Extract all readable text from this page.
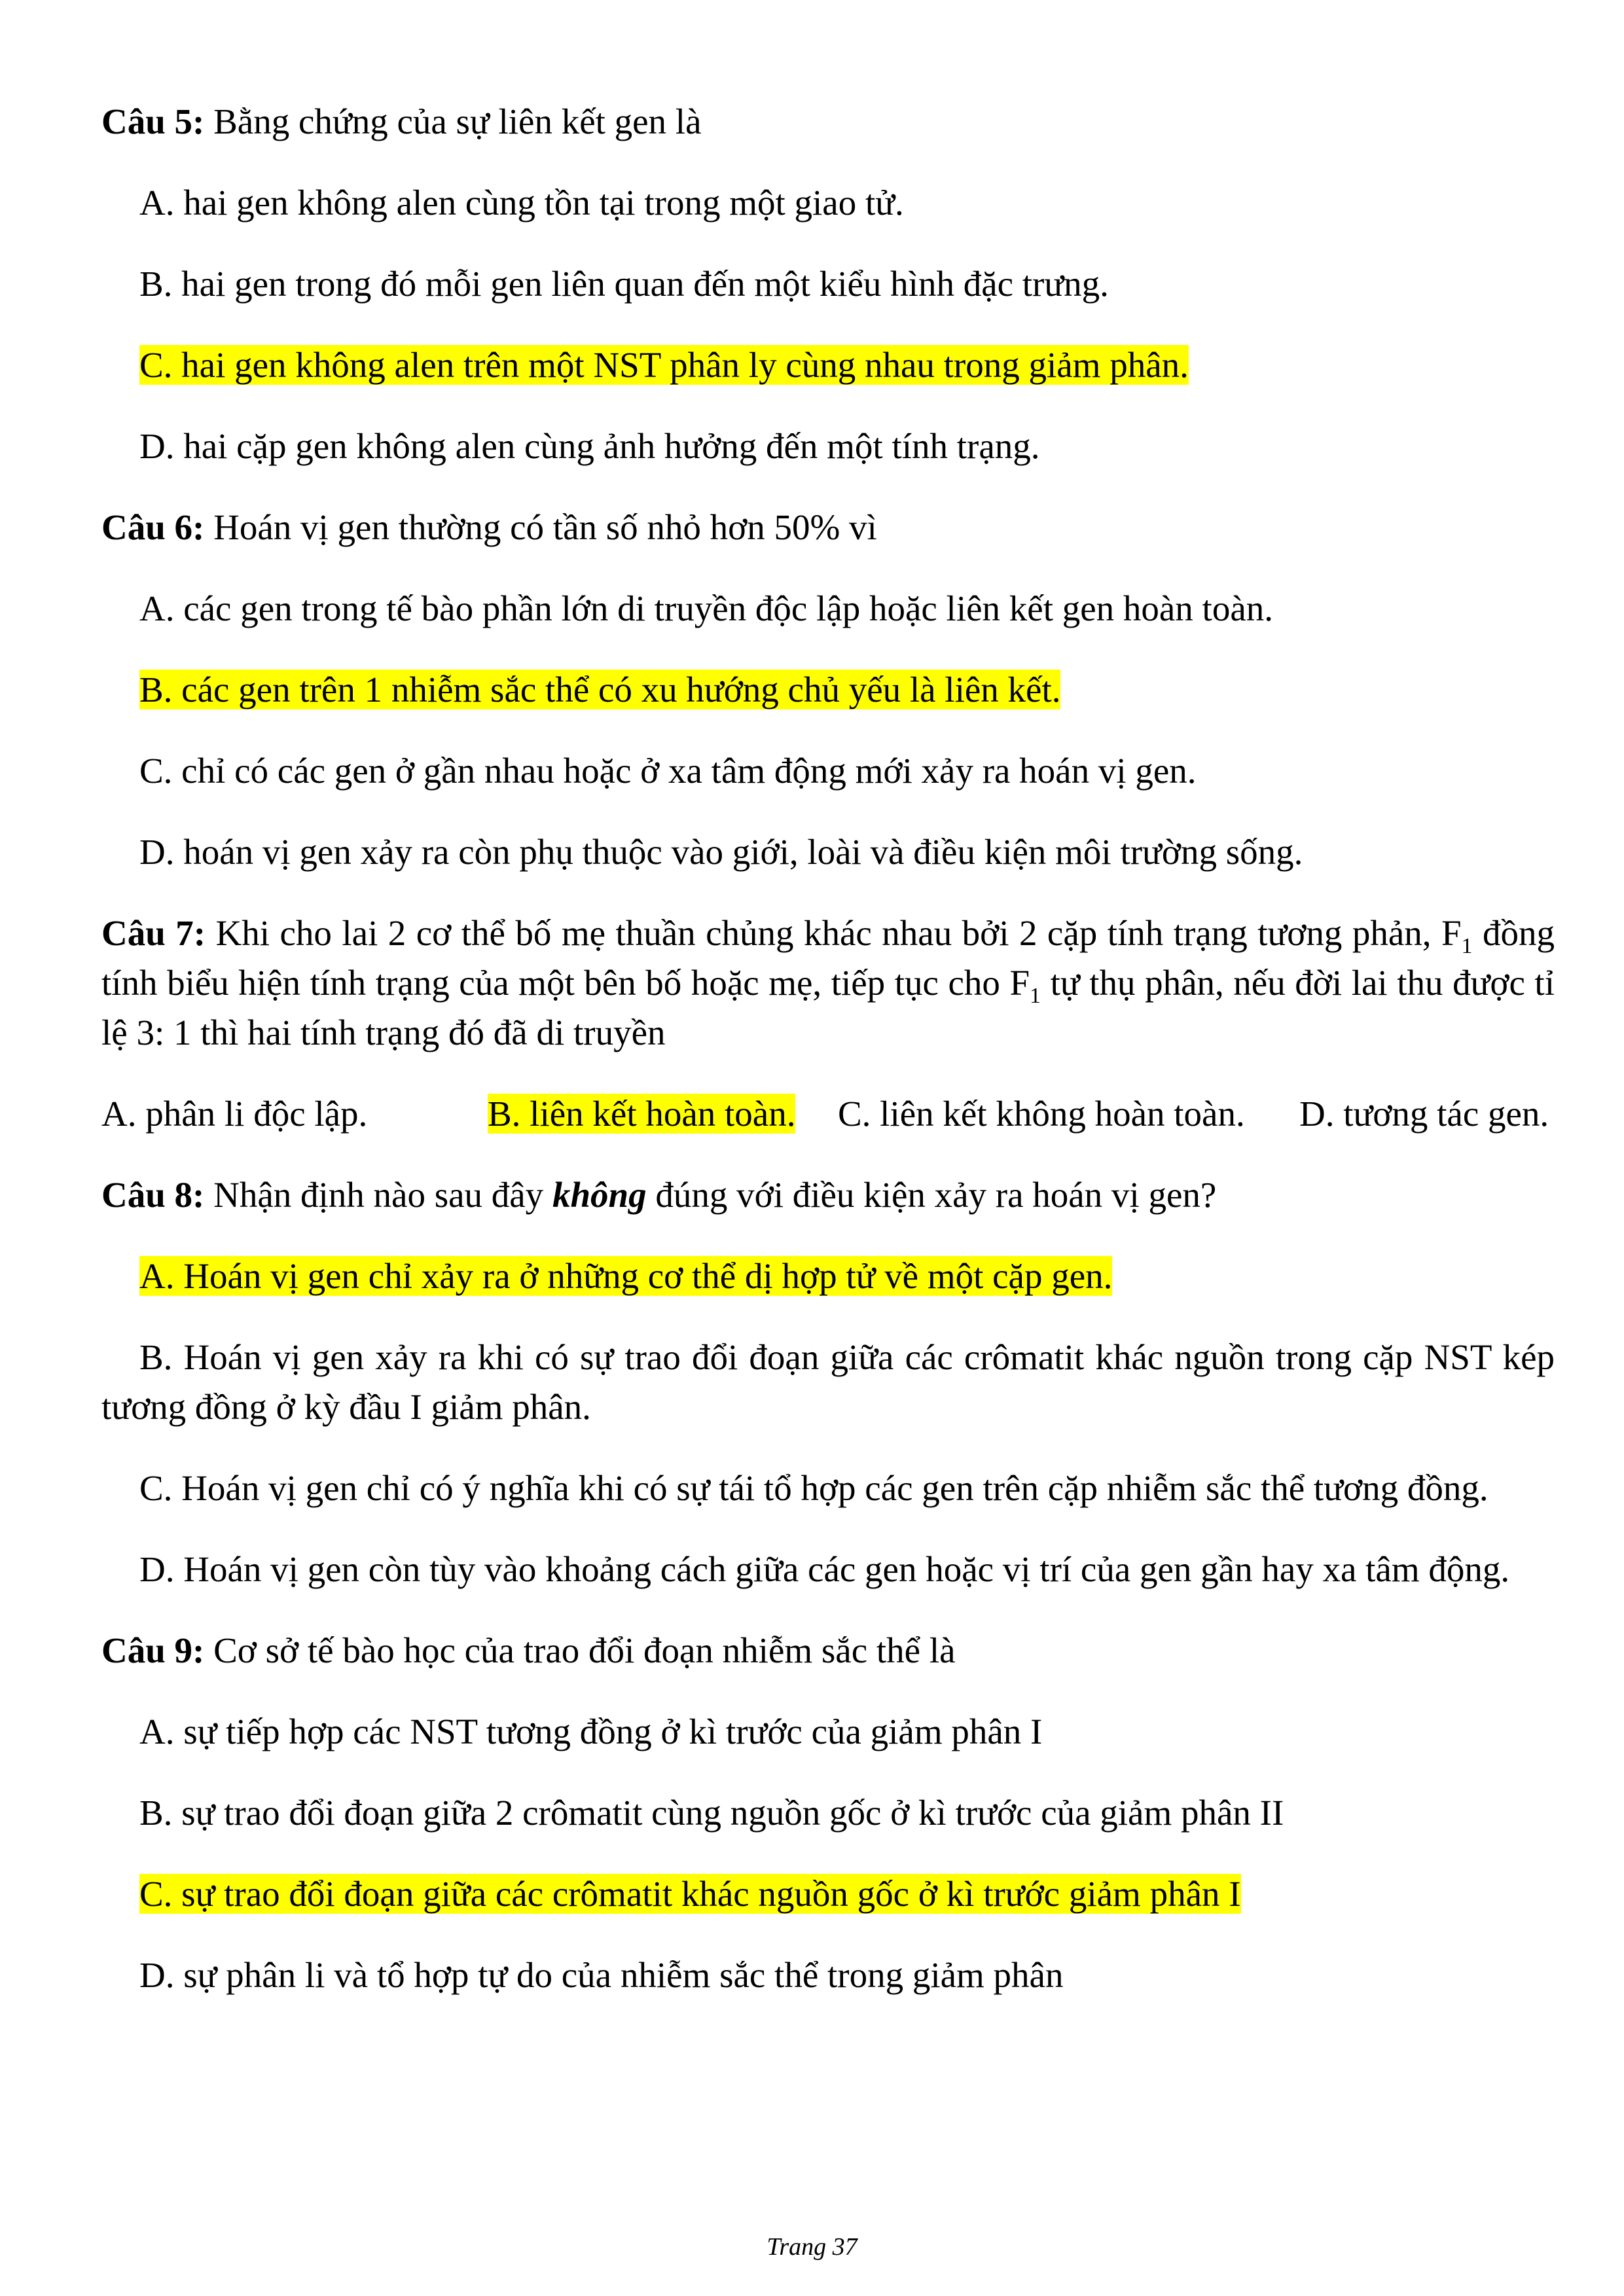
Câu 5: Bằng chứng của sự liên kết gen là
A. hai gen không alen cùng tồn tại trong một giao tử.
B. hai gen trong đó mỗi gen liên quan đến một kiểu hình đặc trưng.
C. hai gen không alen trên một NST phân ly cùng nhau trong giảm phân.
D. hai cặp gen không alen cùng ảnh hưởng đến một tính trạng.
Câu 6: Hoán vị gen thường có tần số nhỏ hơn 50% vì
A. các gen trong tế bào phần lớn di truyền độc lập hoặc liên kết gen hoàn toàn.
B. các gen trên 1 nhiễm sắc thể có xu hướng chủ yếu là liên kết.
C. chỉ có các gen ở gần nhau hoặc ở xa tâm động mới xảy ra hoán vị gen.
D. hoán vị gen xảy ra còn phụ thuộc vào giới, loài và điều kiện môi trường sống.
Câu 7: Khi cho lai 2 cơ thể bố mẹ thuần chủng khác nhau bởi 2 cặp tính trạng tương phản, $F_1$ đồng tính biểu hiện tính trạng của một bên bố hoặc mẹ, tiếp tục cho $F_1$ tự thụ phân, nếu đời lai thu được tỉ lệ 3: 1 thì hai tính trạng đó đã di truyền
A. phân li độc lập.	B. liên kết hoàn toàn.	C. liên kết không hoàn toàn.	D. tương tác gen.
Câu 8: Nhận định nào sau đây không đúng với điều kiện xảy ra hoán vị gen?
A. Hoán vị gen chỉ xảy ra ở những cơ thể dị hợp tử về một cặp gen.
B. Hoán vị gen xảy ra khi có sự trao đổi đoạn giữa các crômatit khác nguồn trong cặp NST kép tương đồng ở kỳ đầu I giảm phân.
C. Hoán vị gen chỉ có ý nghĩa khi có sự tái tổ hợp các gen trên cặp nhiễm sắc thể tương đồng.
D. Hoán vị gen còn tùy vào khoảng cách giữa các gen hoặc vị trí của gen gần hay xa tâm động.
Câu 9: Cơ sở tế bào học của trao đổi đoạn nhiễm sắc thể là
A. sự tiếp hợp các NST tương đồng ở kì trước của giảm phân I
B. sự trao đổi đoạn giữa 2 crômatit cùng nguồn gốc ở kì trước của giảm phân II
C. sự trao đổi đoạn giữa các crômatit khác nguồn gốc ở kì trước giảm phân I
D. sự phân li và tổ hợp tự do của nhiễm sắc thể trong giảm phân
Trang 37
